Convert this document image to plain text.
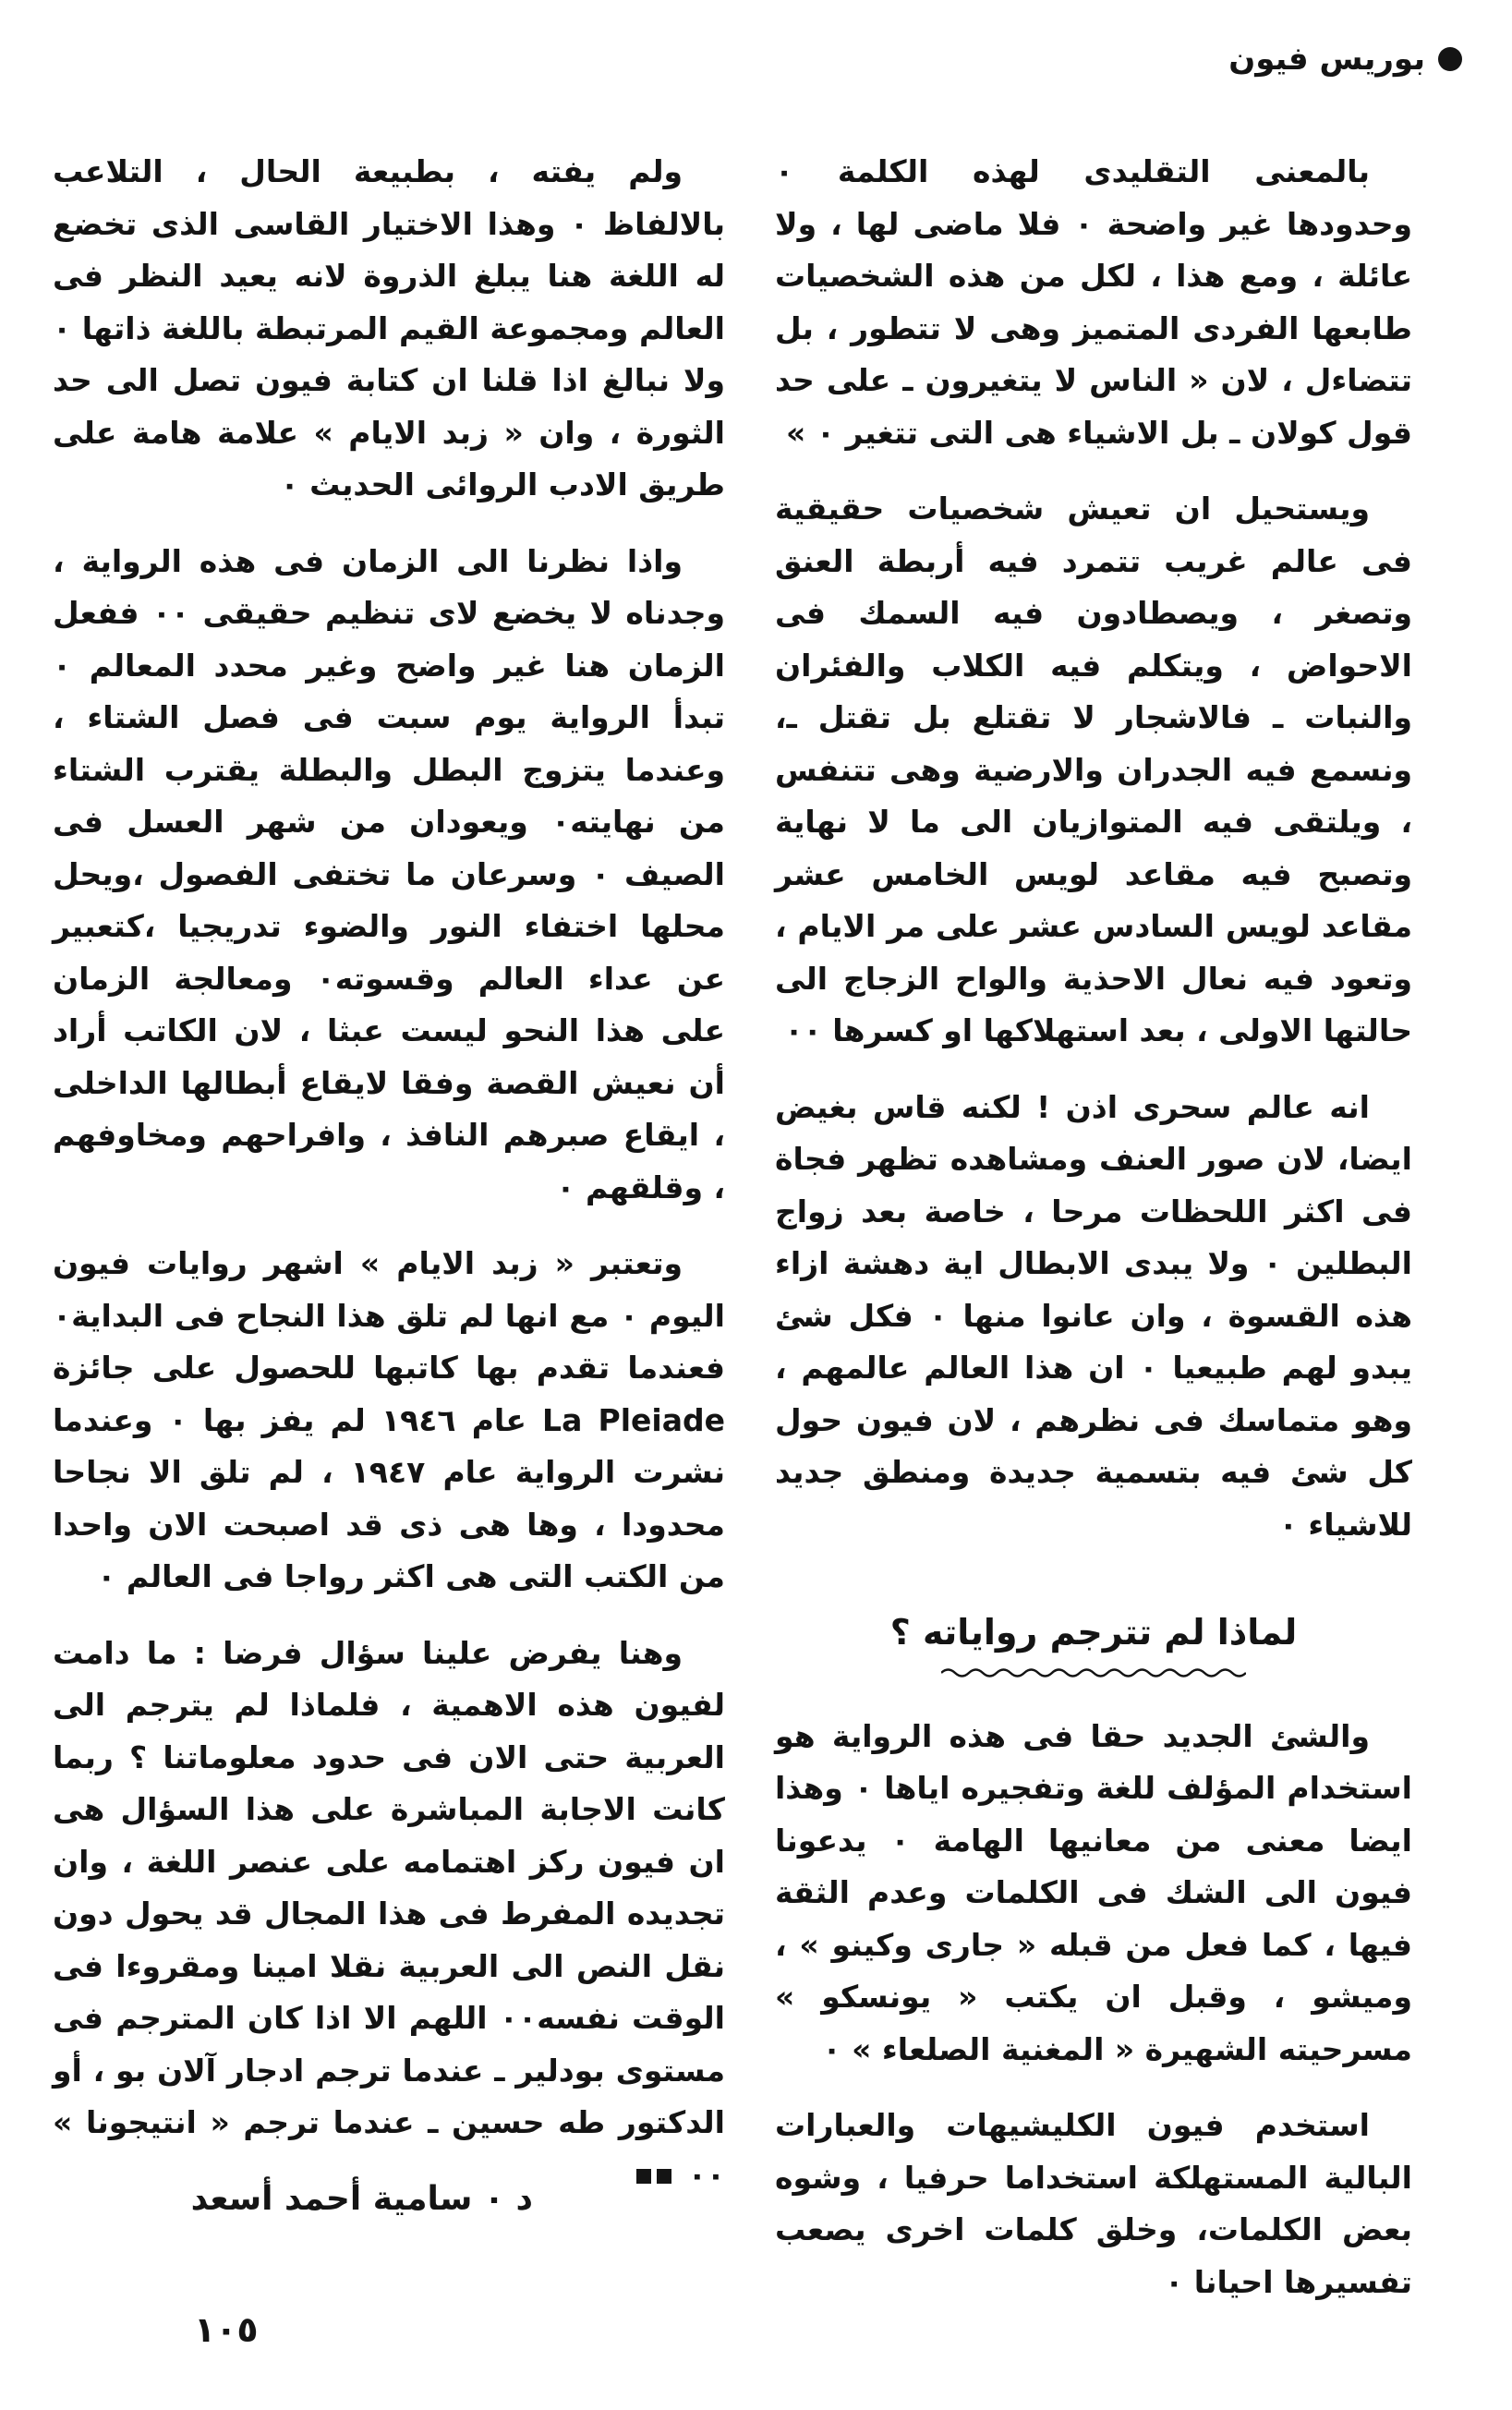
بوريس فيون

بالمعنى التقليدى لهذه الكلمة ٠ وحدودها غير واضحة ٠ فلا ماضى لها ، ولا عائلة ، ومع هذا ، لكل من هذه الشخصيات طابعها الفردى المتميز وهى لا تتطور ، بل تتضاءل ، لان « الناس لا يتغيرون ـ على حد قول كولان ـ بل الاشياء هى التى تتغير ٠ »

ويستحيل ان تعيش شخصيات حقيقية فى عالم غريب تتمرد فيه أربطة العنق وتصغر ، ويصطادون فيه السمك فى الاحواض ، ويتكلم فيه الكلاب والفئران والنبات ـ فالاشجار لا تقتلع بل تقتل ـ، ونسمع فيه الجدران والارضية وهى تتنفس ، ويلتقى فيه المتوازيان الى ما لا نهاية وتصبح فيه مقاعد لويس الخامس عشر مقاعد لويس السادس عشر على مر الايام ، وتعود فيه نعال الاحذية والواح الزجاج الى حالتها الاولى ، بعد استهلاكها او كسرها ٠٠

انه عالم سحرى اذن ! لكنه قاس بغيض ايضا، لان صور العنف ومشاهده تظهر فجاة فى اكثر اللحظات مرحا ، خاصة بعد زواج البطلين ٠ ولا يبدى الابطال اية دهشة ازاء هذه القسوة ، وان عانوا منها ٠ فكل شئ يبدو لهم طبيعيا ٠ ان هذا العالم عالمهم ، وهو متماسك فى نظرهم ، لان فيون حول كل شئ فيه بتسمية جديدة ومنطق جديد للاشياء ٠

لماذا لم تترجم رواياته ؟

والشئ الجديد حقا فى هذه الرواية هو استخدام المؤلف للغة وتفجيره اياها ٠ وهذا ايضا معنى من معانيها الهامة ٠ يدعونا فيون الى الشك فى الكلمات وعدم الثقة فيها ، كما فعل من قبله « جارى وكينو » ، وميشو ، وقبل ان يكتب « يونسكو » مسرحيته الشهيرة « المغنية الصلعاء » ٠

استخدم فيون الكليشيهات والعبارات البالية المستهلكة استخداما حرفيا ، وشوه بعض الكلمات، وخلق كلمات اخرى يصعب تفسيرها احيانا ٠

ولم يفته ، بطبيعة الحال ، التلاعب بالالفاظ ٠ وهذا الاختيار القاسى الذى تخضع له اللغة هنا يبلغ الذروة لانه يعيد النظر فى العالم ومجموعة القيم المرتبطة باللغة ذاتها ٠ ولا نبالغ اذا قلنا ان كتابة فيون تصل الى حد الثورة ، وان « زبد الايام » علامة هامة على طريق الادب الروائى الحديث ٠

واذا نظرنا الى الزمان فى هذه الرواية ، وجدناه لا يخضع لاى تنظيم حقيقى ٠٠ ففعل الزمان هنا غير واضح وغير محدد المعالم ٠ تبدأ الرواية يوم سبت فى فصل الشتاء ، وعندما يتزوج البطل والبطلة يقترب الشتاء من نهايته٠ ويعودان من شهر العسل فى الصيف ٠ وسرعان ما تختفى الفصول ،ويحل محلها اختفاء النور والضوء تدريجيا ،كتعبير عن عداء العالم وقسوته٠ ومعالجة الزمان على هذا النحو ليست عبثا ، لان الكاتب أراد أن نعيش القصة وفقا لايقاع أبطالها الداخلى ، ايقاع صبرهم النافذ ، وافراحهم ومخاوفهم ، وقلقهم ٠

وتعتبر « زبد الايام » اشهر روايات فيون اليوم ٠ مع انها لم تلق هذا النجاح فى البداية٠ فعندما تقدم بها كاتبها للحصول على جائزة La Pleiade عام ١٩٤٦ لم يفز بها ٠ وعندما نشرت الرواية عام ١٩٤٧ ، لم تلق الا نجاحا محدودا ، وها هى ذى قد اصبحت الان واحدا من الكتب التى هى اكثر رواجا فى العالم ٠

وهنا يفرض علينا سؤال فرضا : ما دامت لفيون هذه الاهمية ، فلماذا لم يترجم الى العربية حتى الان فى حدود معلوماتنا ؟ ربما كانت الاجابة المباشرة على هذا السؤال هى ان فيون ركز اهتمامه على عنصر اللغة ، وان تجديده المفرط فى هذا المجال قد يحول دون نقل النص الى العربية نقلا امينا ومقروءا فى الوقت نفسه٠٠ اللهم الا اذا كان المترجم فى مستوى بودلير ـ عندما ترجم ادجار آلان بو ، أو الدكتور طه حسين ـ عندما ترجم « انتيجونا » ٠٠

د ٠ سامية أحمد أسعد
١٠٥
